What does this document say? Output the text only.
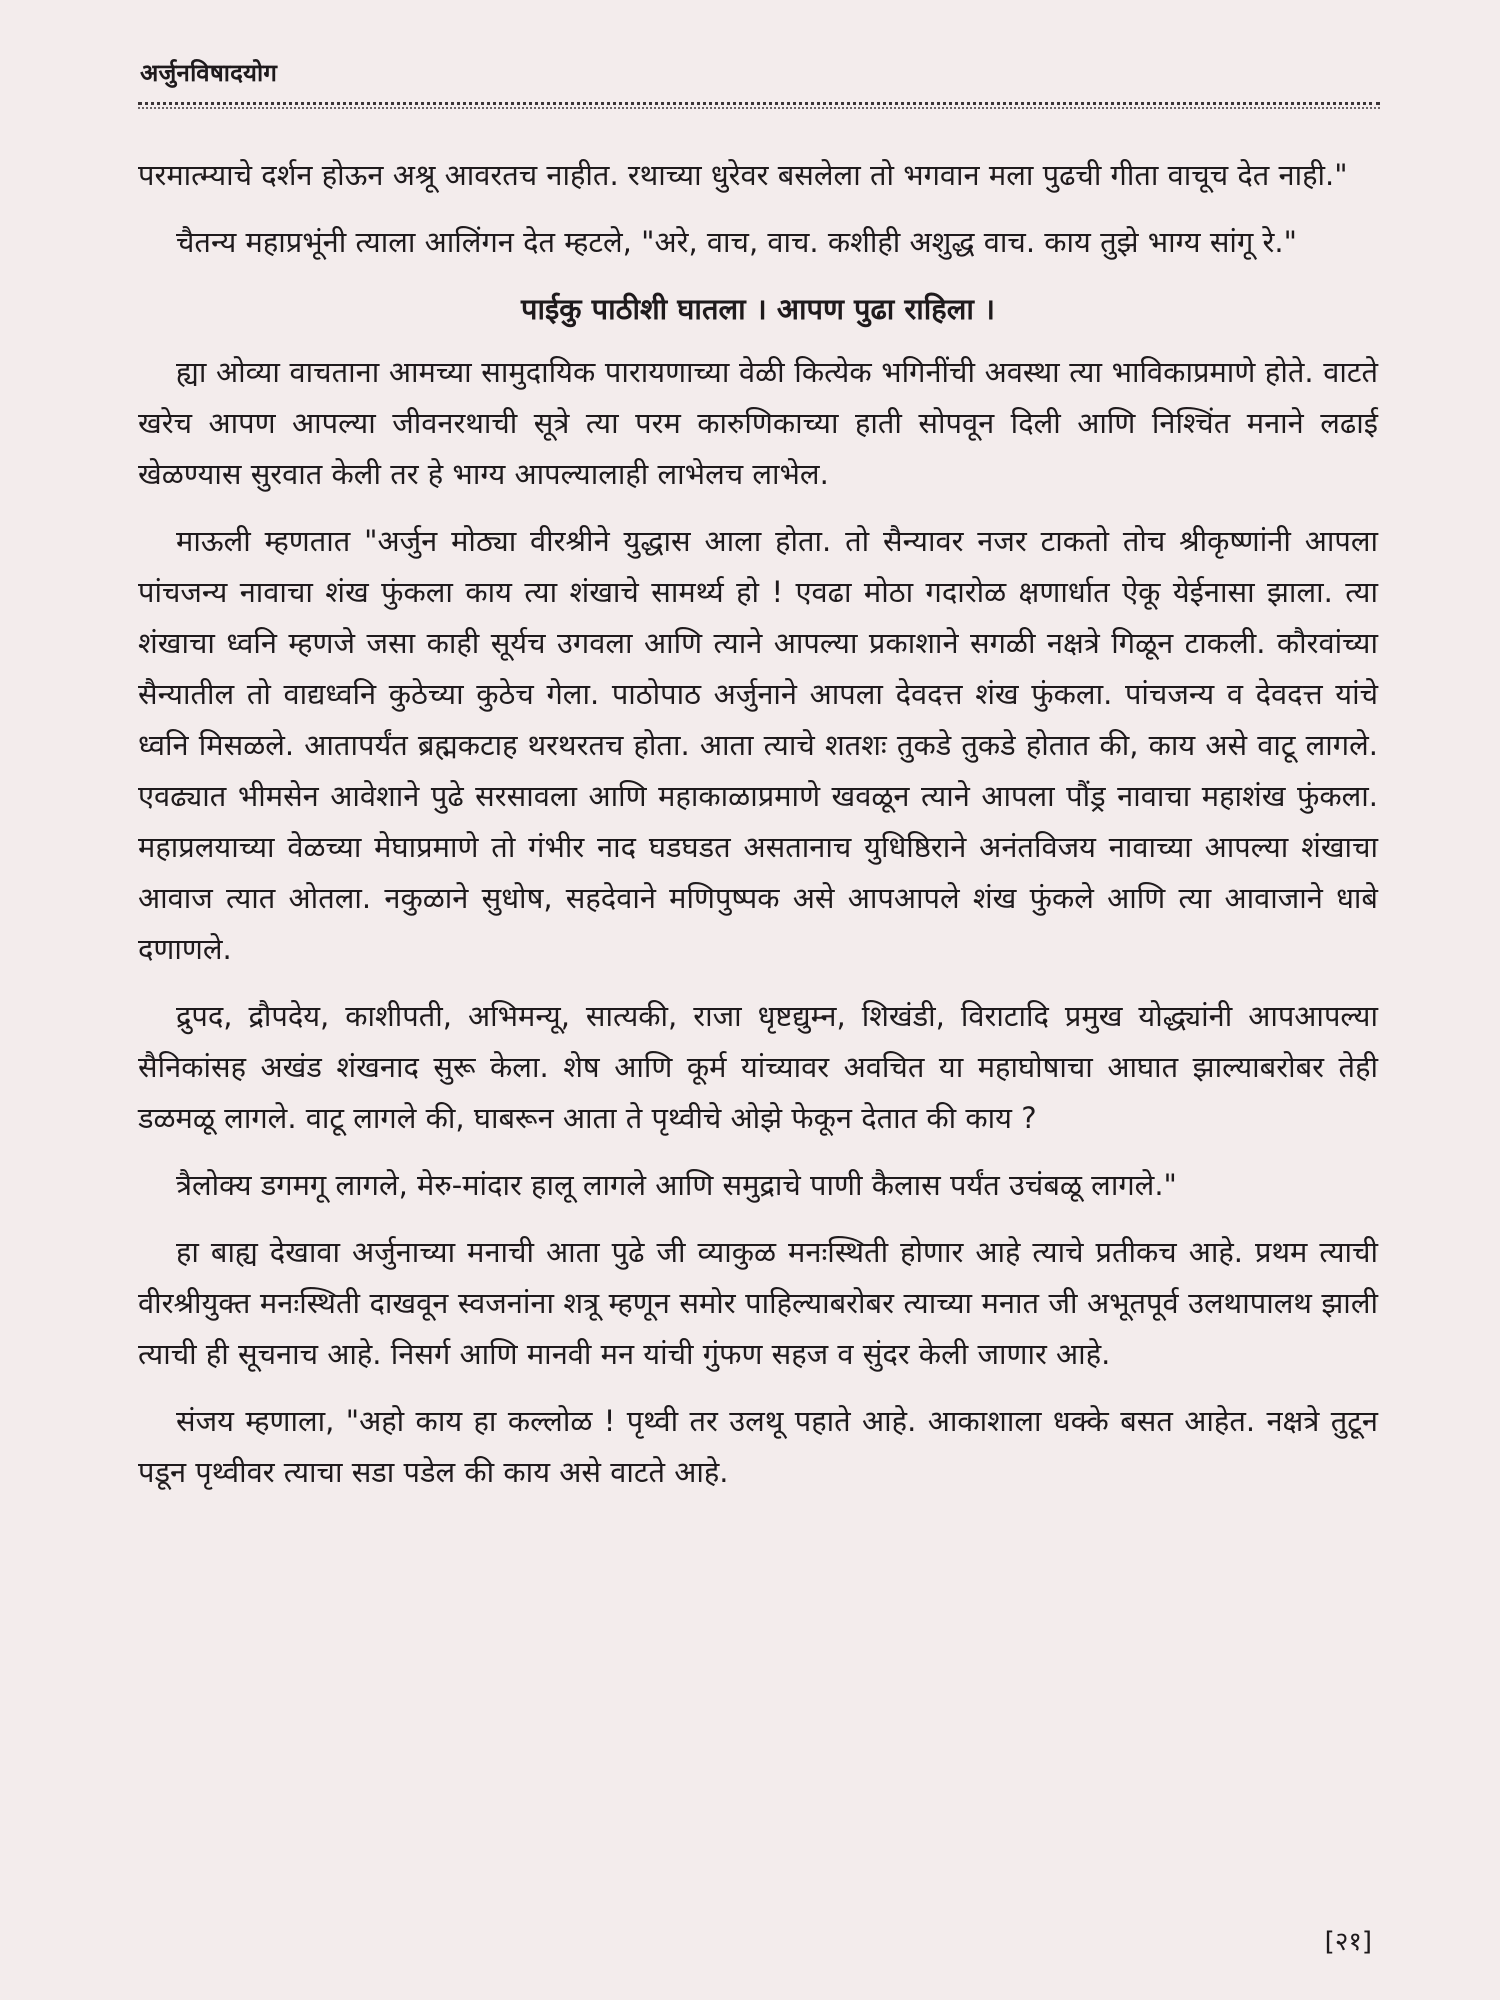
अर्जुनविषादयोग

परमात्म्याचे दर्शन होऊन अश्रू आवरतच नाहीत. रथाच्या धुरेवर बसलेला तो भगवान मला पुढची गीता वाचूच देत नाही."

चैतन्य महाप्रभूंनी त्याला आलिंगन देत म्हटले, "अरे, वाच, वाच. कशीही अशुद्ध वाच. काय तुझे भाग्य सांगू रे."

पाईकु पाठीशी घातला । आपण पुढा राहिला ।

ह्या ओव्या वाचताना आमच्या सामुदायिक पारायणाच्या वेळी कित्येक भगिनींची अवस्था त्या भाविकाप्रमाणे होते. वाटते खरेच आपण आपल्या जीवनरथाची सूत्रे त्या परम कारुणिकाच्या हाती सोपवून दिली आणि निश्चिंत मनाने लढाई खेळण्यास सुरवात केली तर हे भाग्य आपल्यालाही लाभेलच लाभेल.

माऊली म्हणतात "अर्जुन मोठ्या वीरश्रीने युद्धास आला होता. तो सैन्यावर नजर टाकतो तोच श्रीकृष्णांनी आपला पांचजन्य नावाचा शंख फुंकला काय त्या शंखाचे सामर्थ्य हो ! एवढा मोठा गदारोळ क्षणार्धात ऐकू येईनासा झाला. त्या शंखाचा ध्वनि म्हणजे जसा काही सूर्यच उगवला आणि त्याने आपल्या प्रकाशाने सगळी नक्षत्रे गिळून टाकली. कौरवांच्या सैन्यातील तो वाद्यध्वनि कुठेच्या कुठेच गेला. पाठोपाठ अर्जुनाने आपला देवदत्त शंख फुंकला. पांचजन्य व देवदत्त यांचे ध्वनि मिसळले. आतापर्यंत ब्रह्मकटाह थरथरतच होता. आता त्याचे शतशः तुकडे तुकडे होतात की, काय असे वाटू लागले. एवढ्यात भीमसेन आवेशाने पुढे सरसावला आणि महाकाळाप्रमाणे खवळून त्याने आपला पौंड्र नावाचा महाशंख फुंकला. महाप्रलयाच्या वेळच्या मेघाप्रमाणे तो गंभीर नाद घडघडत असतानाच युधिष्ठिराने अनंतविजय नावाच्या आपल्या शंखाचा आवाज त्यात ओतला. नकुळाने सुधोष, सहदेवाने मणिपुष्पक असे आपआपले शंख फुंकले आणि त्या आवाजाने धाबे दणाणले.

द्रुपद, द्रौपदेय, काशीपती, अभिमन्यू, सात्यकी, राजा धृष्टद्युम्न, शिखंडी, विराटादि प्रमुख योद्ध्यांनी आपआपल्या सैनिकांसह अखंड शंखनाद सुरू केला. शेष आणि कूर्म यांच्यावर अवचित या महाघोषाचा आघात झाल्याबरोबर तेही डळमळू लागले. वाटू लागले की, घाबरून आता ते पृथ्वीचे ओझे फेकून देतात की काय ?

त्रैलोक्य डगमगू लागले, मेरु-मांदार हालू लागले आणि समुद्राचे पाणी कैलास पर्यंत उचंबळू लागले."

हा बाह्य देखावा अर्जुनाच्या मनाची आता पुढे जी व्याकुळ मनःस्थिती होणार आहे त्याचे प्रतीकच आहे. प्रथम त्याची वीरश्रीयुक्त मनःस्थिती दाखवून स्वजनांना शत्रू म्हणून समोर पाहिल्याबरोबर त्याच्या मनात जी अभूतपूर्व उलथापालथ झाली त्याची ही सूचनाच आहे. निसर्ग आणि मानवी मन यांची गुंफण सहज व सुंदर केली जाणार आहे.

संजय म्हणाला, "अहो काय हा कल्लोळ ! पृथ्वी तर उलथू पहाते आहे. आकाशाला धक्के बसत आहेत. नक्षत्रे तुटून पडून पृथ्वीवर त्याचा सडा पडेल की काय असे वाटते आहे.

[२१]
